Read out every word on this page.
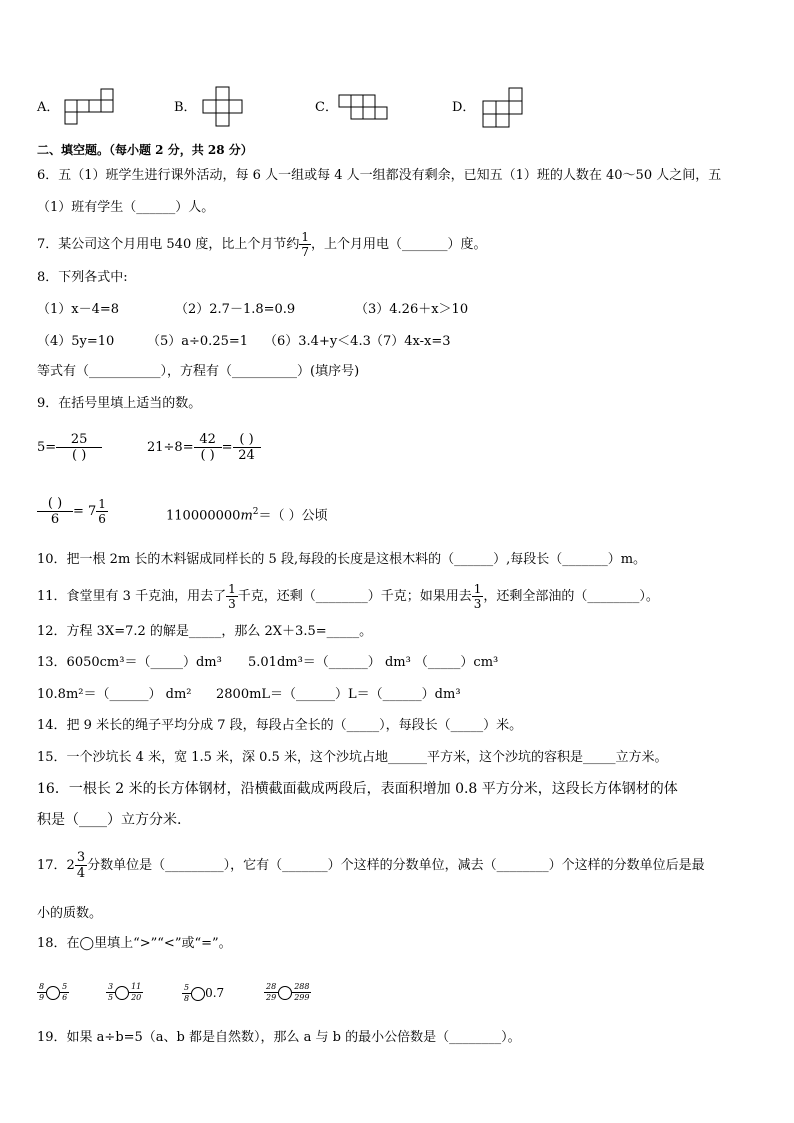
A．	B．	C．	D．
二、填空题。（每小题 2 分，共 28 分）
6．五（1）班学生进行课外活动，每 6 人一组或每 4 人一组都没有剩余，已知五（1）班的人数在 40～50 人之间，五
（1）班有学生（______）人。
7．某公司这个月用电 540 度，比上个月节约 $\frac{1}{7}$ ，上个月用电（_______）度。
8．下列各式中:
（1）x－4=8	（2）2.7－1.8=0.9	（3）4.26＋x＞10
（4）5y=10	（5）a÷0.25=1 （6）3.4+y＜4.3 （7）4x-x=3
等式有（___________），方程有（__________）(填序号)
9．在括号里填上适当的数。
$5= \frac{25}{( )}$	$21\div 8= \frac{42}{( )} = \frac{( )}{24}$
$\frac{( )}{6} = 7 \frac{1}{6}$	$110000000m^2=$（ ）公顷
10．把一根 2m 长的木料锯成同样长的 5 段,每段的长度是这根木料的（______）,每段长（_______）m。
11．食堂里有 3 千克油，用去了 $\frac{1}{3}$ 千克，还剩（________）千克；如果用去 $\frac{1}{3}$ ，还剩全部油的（________）。
12．方程 3X=7.2 的解是_____，那么 2X＋3.5=_____。
13．6050cm³＝（_____）dm³ 5.01dm³＝（______） dm³ （_____）cm³
10.8m²＝（______） dm² 2800mL＝（______）L＝（______）dm³
14．把 9 米长的绳子平均分成 7 段，每段占全长的（_____），每段长（_____）米。
15．一个沙坑长 4 米，宽 1.5 米，深 0.5 米，这个沙坑占地______平方米，这个沙坑的容积是_____立方米。
16．一根长 2 米的长方体钢材，沿横截面截成两段后，表面积增加 0.8 平方分米，这段长方体钢材的体
积是（____）立方分米.
17．$2 \frac{3}{4}$ 分数单位是（_________），它有（_______）个这样的分数单位，减去（________）个这样的分数单位后是最
小的质数。
18．在◯里填上“>”“<”或“=”。
$\frac{8}{9} \frac{5}{6}$	$\frac{3}{5} \frac{11}{20}$	$\frac{5}{8} 0.7$	$\frac{28}{29} \frac{288}{299}$
19．如果 a÷b=5（a、b 都是自然数），那么 a 与 b 的最小公倍数是（________）。
